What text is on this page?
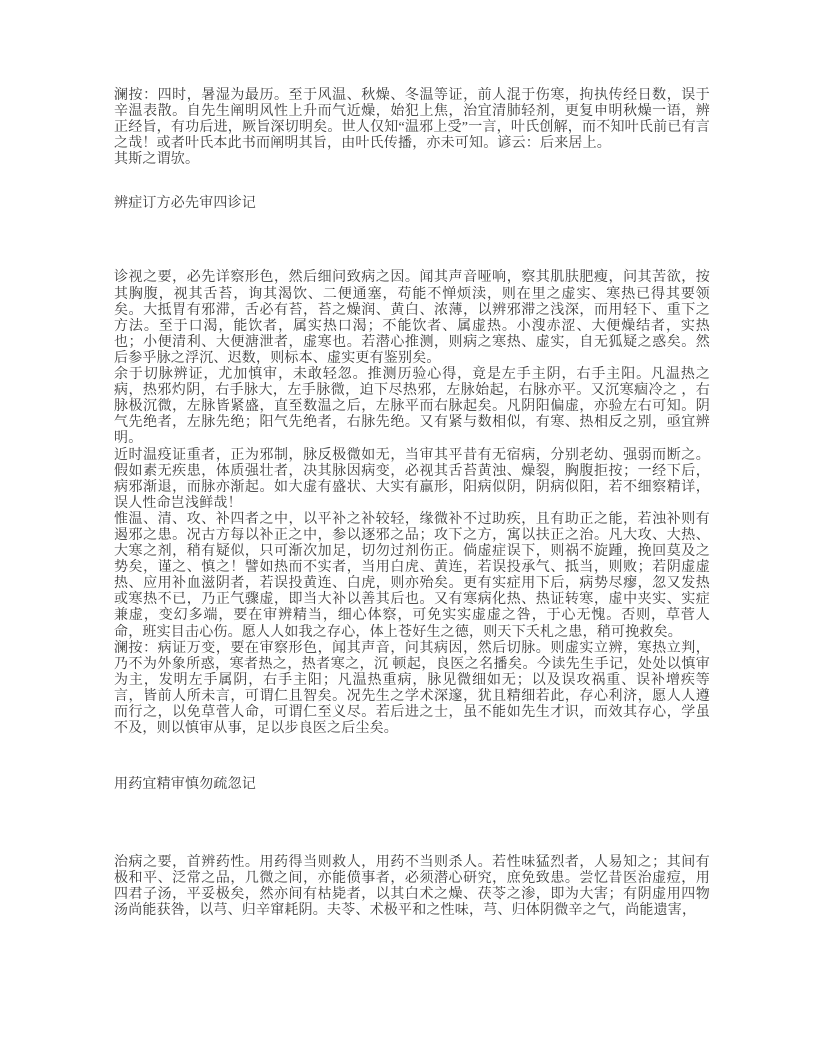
澜按：四时，暑湿为最历。至于风温、秋燥、冬温等证，前人混于伤寒，拘执传经日数，误于辛温表散。自先生阐明风性上升而气近燥，始犯上焦，治宜清肺轻剂，更复申明秋燥一语，辨正经旨，有功后进，厥旨深切明矣。世人仅知“温邪上受”一言，叶氏创解，而不知叶氏前已有言之哉！或者叶氏本此书而阐明其旨，由叶氏传播，亦未可知。谚云：后来居上。

其斯之谓欤。

辨症订方必先审四诊记

诊视之要，必先详察形色，然后细问致病之因。闻其声音哑响，察其肌肤肥瘦，问其苦欲，按其胸腹，视其舌苔，询其渴饮、二便通塞，苟能不惮烦渎，则在里之虚实、寒热已得其要领矣。大抵胃有邪滞，舌必有苔，苔之燥润、黄白、浓薄，以辨邪滞之浅深，而用轻下、重下之方法。至于口渴，能饮者，属实热口渴；不能饮者、属虚热。小溲赤涩、大便燥结者，实热也；小便清利、大便溏泄者，虚寒也。若潜心推测，则病之寒热、虚实，自无狐疑之惑矣。然后参乎脉之浮沉、迟数，则标本、虚实更有鉴别矣。

余于切脉辨证，尤加慎审，未敢轻忽。推测历验心得，竟是左手主阴，右手主阳。凡温热之病，热邪灼阴，右手脉大，左手脉微，迫下尽热邪，左脉始起，右脉亦平。又沉寒痼冷之 ，右脉极沉微，左脉皆紧盛，直至数温之后，左脉平而右脉起矣。凡阴阳偏虚，亦验左右可知。阴气先绝者，左脉先绝；阳气先绝者，右脉先绝。又有紧与数相似，有寒、热相反之别，亟宜辨明。

近时温疫证重者，正为邪制，脉反极微如无，当审其平昔有无宿病，分别老幼、强弱而断之。假如素无疾患，体质强壮者，决其脉因病变，必视其舌苔黄浊、燥裂，胸腹拒按；一经下后，病邪渐退，而脉亦渐起。如大虚有盛状、大实有羸形，阳病似阴，阴病似阳，若不细察精详，误人性命岂浅鲜哉！

惟温、清、攻、补四者之中，以平补之补较轻，缘微补不过助疾，且有助正之能，若浊补则有遏邪之患。况古方每以补正之中，参以逐邪之品；攻下之方，寓以扶正之治。凡大攻、大热、大寒之剂，稍有疑似，只可渐次加足，切勿过剂伤正。倘虚症误下，则祸不旋踵，挽回莫及之势矣，谨之、慎之！譬如热而不实者，当用白虎、黄连，若误投承气、抵当，则败；若阴虚虚热、应用补血滋阴者，若误投黄连、白虎，则亦殆矣。更有实症用下后，病势尽瘳，忽又发热或寒热不已，乃正气骤虚，即当大补以善其后也。又有寒病化热、热证转寒，虚中夹实、实症兼虚，变幻多端，要在审辨精当，细心体察，可免实实虚虚之咎，于心无愧。否则，草菅人命，班实目击心伤。愿人人如我之存心，体上苍好生之德，则天下夭札之患，稍可挽救矣。

澜按：病证万变，要在审察形色，闻其声音，问其病因，然后切脉。则虚实立辨，寒热立判，乃不为外象所惑，寒者热之，热者寒之，沉 顿起，良医之名播矣。今读先生手记，处处以慎审为主，发明左手属阴，右手主阳；凡温热重病，脉见微细如无；以及误攻祸重、误补增疾等言，皆前人所未言，可谓仁且智矣。况先生之学术深邃，犹且精细若此，存心利济，愿人人遵而行之，以免草菅人命，可谓仁至义尽。若后进之士，虽不能如先生才识，而效其存心，学虽不及，则以慎审从事，足以步良医之后尘矣。

用药宜精审慎勿疏忽记

治病之要，首辨药性。用药得当则救人，用药不当则杀人。若性味猛烈者，人易知之；其间有极和平、泛常之品，几微之间，亦能偾事者，必须潜心研究，庶免致患。尝忆昔医治虚痘，用四君子汤，平妥极矣，然亦间有枯毙者，以其白术之燥、茯苓之渗，即为大害；有阴虚用四物汤尚能获咎，以芎、归辛窜耗阴。夫苓、术极平和之性味，芎、归体阴微辛之气，尚能遗害，
